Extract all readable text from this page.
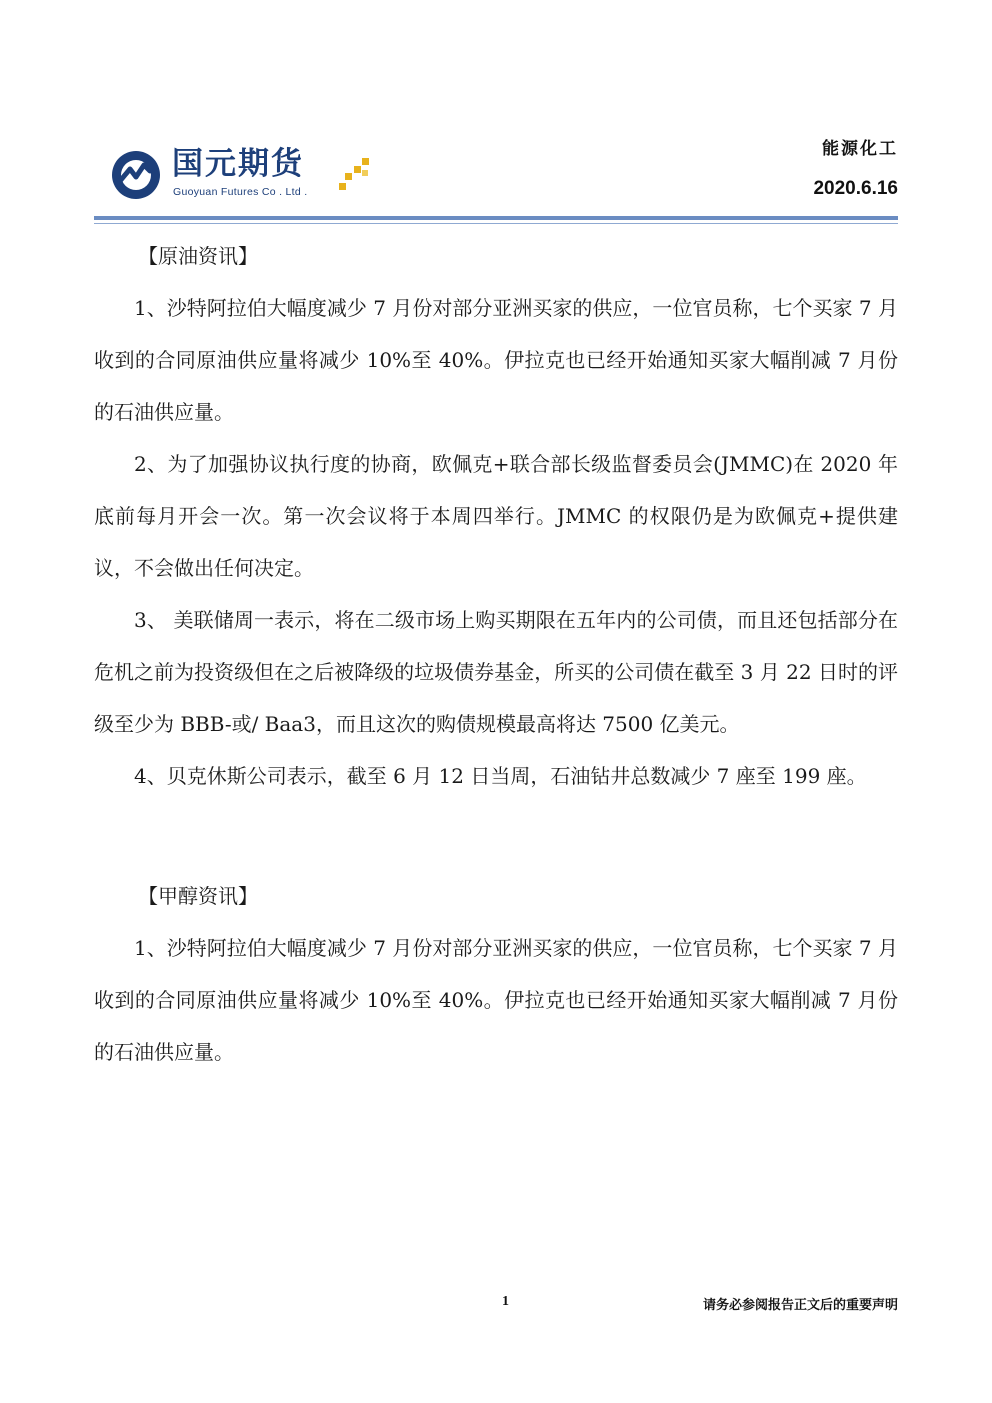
国元期货
Guoyuan Futures Co . Ltd .
能源化工
2020.6.16

【原油资讯】

1、沙特阿拉伯大幅度减少 7 月份对部分亚洲买家的供应，一位官员称，七个买家 7 月收到的合同原油供应量将减少 10%至 40%。伊拉克也已经开始通知买家大幅削减 7 月份的石油供应量。

2、为了加强协议执行度的协商，欧佩克+联合部长级监督委员会(JMMC)在 2020 年底前每月开会一次。第一次会议将于本周四举行。JMMC 的权限仍是为欧佩克+提供建议，不会做出任何决定。

3、 美联储周一表示，将在二级市场上购买期限在五年内的公司债，而且还包括部分在危机之前为投资级但在之后被降级的垃圾债券基金，所买的公司债在截至 3 月 22 日时的评级至少为 BBB-或/ Baa3，而且这次的购债规模最高将达 7500 亿美元。

4、贝克休斯公司表示，截至 6 月 12 日当周，石油钻井总数减少 7 座至 199 座。

【甲醇资讯】

1、沙特阿拉伯大幅度减少 7 月份对部分亚洲买家的供应，一位官员称，七个买家 7 月收到的合同原油供应量将减少 10%至 40%。伊拉克也已经开始通知买家大幅削减 7 月份的石油供应量。

1	请务必参阅报告正文后的重要声明
